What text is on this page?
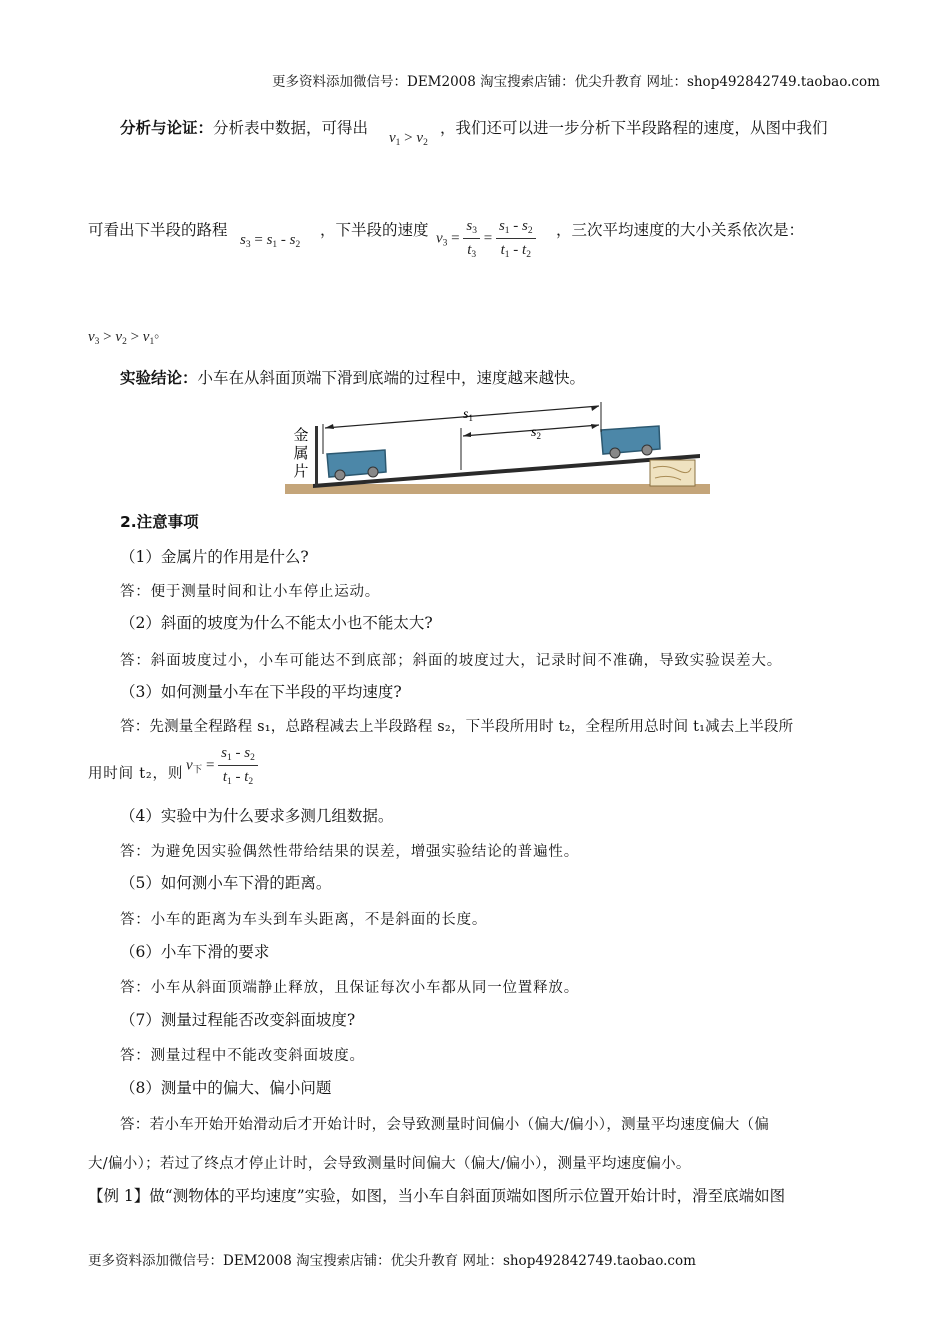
更多资料添加微信号：DEM2008 淘宝搜索店铺：优尖升教育 网址：shop492842749.taobao.com
分析与论证：分析表中数据，可得出
$v_1 > v_2$
，我们还可以进一步分析下半段路程的速度，从图中我们
可看出下半段的路程
$s_3 = s_1 - s_2$
，下半段的速度 $v_3 = \frac{s_3}{t_3} = \frac{s_1 - s_2}{t_1 - t_2}$ ，三次平均速度的大小关系依次是：
$v_3 > v_2 > v_1$。
实验结论：小车在从斜面顶端下滑到底端的过程中，速度越来越快。
金
属
片
$s_1$
$s_2$
2.注意事项
（1）金属片的作用是什么?
答：便于测量时间和让小车停止运动。
（2）斜面的坡度为什么不能太小也不能太大?
答：斜面坡度过小，小车可能达不到底部；斜面的坡度过大，记录时间不准确，导致实验误差大。
（3）如何测量小车在下半段的平均速度?
答：先测量全程路程 s₁，总路程减去上半段路程 s₂，下半段所用时 t₂，全程所用总时间 t₁减去上半段所
用时间 t₂，则
$v_下 = \frac{s_1 - s_2}{t_1 - t_2}$
（4）实验中为什么要求多测几组数据。
答：为避免因实验偶然性带给结果的误差，增强实验结论的普遍性。
（5）如何测小车下滑的距离。
答：小车的距离为车头到车头距离，不是斜面的长度。
（6）小车下滑的要求
答：小车从斜面顶端静止释放，且保证每次小车都从同一位置释放。
（7）测量过程能否改变斜面坡度?
答：测量过程中不能改变斜面坡度。
（8）测量中的偏大、偏小问题
答：若小车开始开始滑动后才开始计时，会导致测量时间偏小（偏大/偏小），测量平均速度偏大（偏
大/偏小）；若过了终点才停止计时，会导致测量时间偏大（偏大/偏小），测量平均速度偏小。
【例 1】做“测物体的平均速度”实验，如图，当小车自斜面顶端如图所示位置开始计时，滑至底端如图
更多资料添加微信号：DEM2008 淘宝搜索店铺：优尖升教育 网址：shop492842749.taobao.com
